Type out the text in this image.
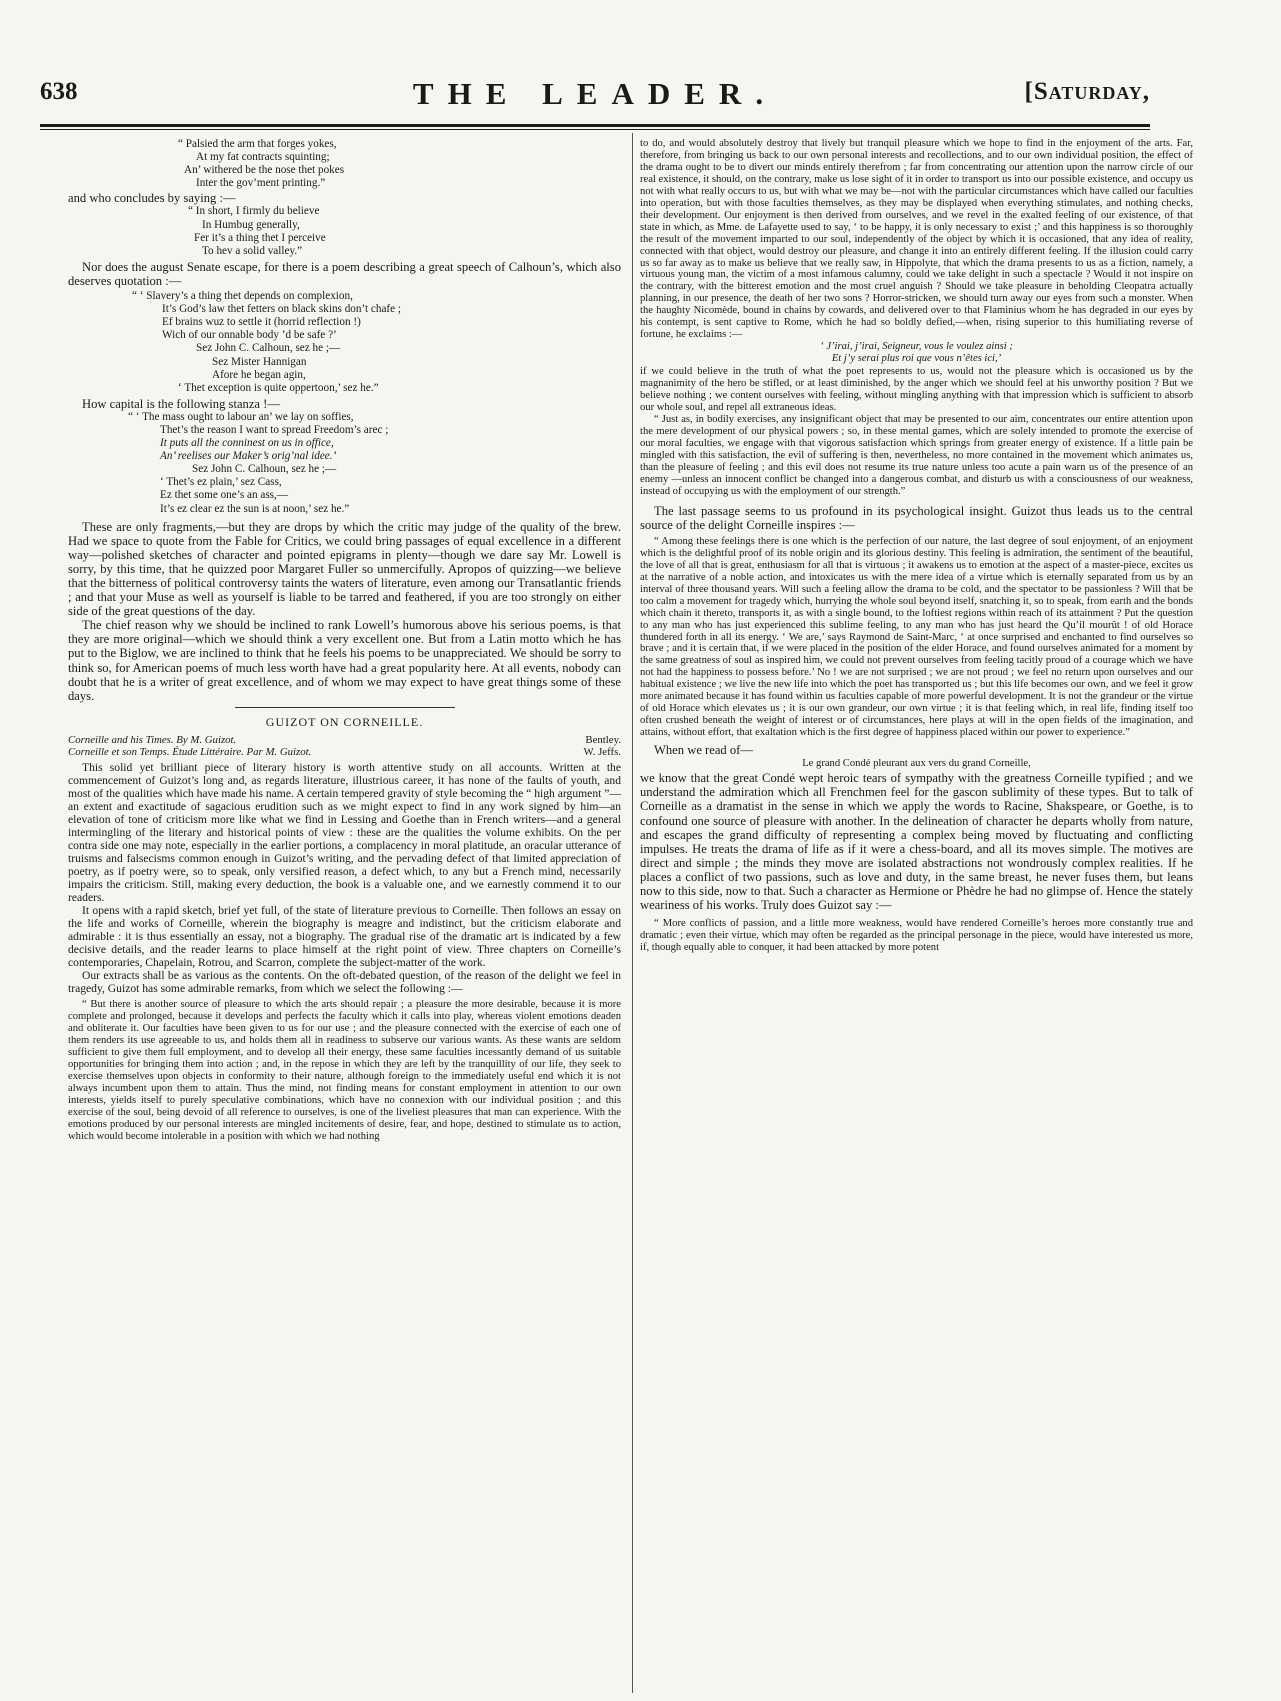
638	THE LEADER.	[Saturday,
“ Palsied the arm that forges yokes,
At my fat contracts squinting;
An’ withered be the nose thet pokes
Inter the gov’ment printing.”

and who concludes by saying :—

“ In short, I firmly du believe
In Humbug generally,
Fer it’s a thing thet I perceive
To hev a solid valley.”

Nor does the august Senate escape, for there is a poem describing a great speech of Calhoun’s, which also deserves quotation :—

“ ‘ Slavery’s a thing thet depends on complexion,
It’s God’s law thet fetters on black skins don’t chafe ;
Ef brains wuz to settle it (horrid reflection !)
Wich of our onnable body ’d be safe ?’
Sez John C. Calhoun, sez he ;—
Sez Mister Hannigan
Afore he began agin,
‘ Thet exception is quite oppertoon,’ sez he.”

How capital is the following stanza !—

“ ‘ The mass ought to labour an’ we lay on soffies,
Thet’s the reason I want to spread Freedom’s arec ;
It puts all the conninest on us in office,
An’ reelises our Maker’s orig’nal idee.’
Sez John C. Calhoun, sez he ;—
‘ Thet’s ez plain,’ sez Cass,
Ez thet some one’s an ass,—
It’s ez clear ez the sun is at noon,’ sez he.”

These are only fragments,—but they are drops by which the critic may judge of the quality of the brew. Had we space to quote from the Fable for Critics, we could bring passages of equal excellence in a different way—polished sketches of character and pointed epigrams in plenty—though we dare say Mr. Lowell is sorry, by this time, that he quizzed poor Margaret Fuller so unmercifully. Apropos of quizzing—we believe that the bitterness of political controversy taints the waters of literature, even among our Transatlantic friends ; and that your Muse as well as yourself is liable to be tarred and feathered, if you are too strongly on either side of the great questions of the day.

The chief reason why we should be inclined to rank Lowell’s humorous above his serious poems, is that they are more original—which we should think a very excellent one. But from a Latin motto which he has put to the Biglow, we are inclined to think that he feels his poems to be unappreciated. We should be sorry to think so, for American poems of much less worth have had a great popularity here. At all events, nobody can doubt that he is a writer of great excellence, and of whom we may expect to have great things some of these days.

GUIZOT ON CORNEILLE.
Corneille and his Times. By M. Guizot.	Bentley.
Corneille et son Temps. Étude Littéraire. Par M. Guizot.	W. Jeffs.

This solid yet brilliant piece of literary history is worth attentive study on all accounts. Written at the commencement of Guizot’s long and, as regards literature, illustrious career, it has none of the faults of youth, and most of the qualities which have made his name. A certain tempered gravity of style becoming the “ high argument ”—an extent and exactitude of sagacious erudition such as we might expect to find in any work signed by him—an elevation of tone of criticism more like what we find in Lessing and Goethe than in French writers—and a general intermingling of the literary and historical points of view : these are the qualities the volume exhibits. On the per contra side one may note, especially in the earlier portions, a complacency in moral platitude, an oracular utterance of truisms and falsecisms common enough in Guizot’s writing, and the pervading defect of that limited appreciation of poetry, as if poetry were, so to speak, only versified reason, a defect which, to any but a French mind, necessarily impairs the criticism. Still, making every deduction, the book is a valuable one, and we earnestly commend it to our readers.

It opens with a rapid sketch, brief yet full, of the state of literature previous to Corneille. Then follows an essay on the life and works of Corneille, wherein the biography is meagre and indistinct, but the criticism elaborate and admirable : it is thus essentially an essay, not a biography. The gradual rise of the dramatic art is indicated by a few decisive details, and the reader learns to place himself at the right point of view. Three chapters on Corneille’s contemporaries, Chapelain, Rotrou, and Scarron, complete the subject-matter of the work.

Our extracts shall be as various as the contents. On the oft-debated question, of the reason of the delight we feel in tragedy, Guizot has some admirable remarks, from which we select the following :—

“ But there is another source of pleasure to which the arts should repair ; a pleasure the more desirable, because it is more complete and prolonged, because it develops and perfects the faculty which it calls into play, whereas violent emotions deaden and obliterate it. Our faculties have been given to us for our use ; and the pleasure connected with the exercise of each one of them renders its use agreeable to us, and holds them all in readiness to subserve our various wants. As these wants are seldom sufficient to give them full employment, and to develop all their energy, these same faculties incessantly demand of us suitable opportunities for bringing them into action ; and, in the repose in which they are left by the tranquillity of our life, they seek to exercise themselves upon objects in conformity to their nature, although foreign to the immediately useful end which it is not always incumbent upon them to attain. Thus the mind, not finding means for constant employment in attention to our own interests, yields itself to purely speculative combinations, which have no connexion with our individual position ; and this exercise of the soul, being devoid of all reference to ourselves, is one of the liveliest pleasures that man can experience. With the emotions produced by our personal interests are mingled incitements of desire, fear, and hope, destined to stimulate us to action, which would become intolerable in a position with which we had nothing

to do, and would absolutely destroy that lively but tranquil pleasure which we hope to find in the enjoyment of the arts. Far, therefore, from bringing us back to our own personal interests and recollections, and to our own individual position, the effect of the drama ought to be to divert our minds entirely therefrom ; far from concentrating our attention upon the narrow circle of our real existence, it should, on the contrary, make us lose sight of it in order to transport us into our possible existence, and occupy us not with what really occurs to us, but with what we may be—not with the particular circumstances which have called our faculties into operation, but with those faculties themselves, as they may be displayed when everything stimulates, and nothing checks, their development. Our enjoyment is then derived from ourselves, and we revel in the exalted feeling of our existence, of that state in which, as Mme. de Lafayette used to say, ‘ to be happy, it is only necessary to exist ;’ and this happiness is so thoroughly the result of the movement imparted to our soul, independently of the object by which it is occasioned, that any idea of reality, connected with that object, would destroy our pleasure, and change it into an entirely different feeling. If the illusion could carry us so far away as to make us believe that we really saw, in Hippolyte, that which the drama presents to us as a fiction, namely, a virtuous young man, the victim of a most infamous calumny, could we take delight in such a spectacle ? Would it not inspire on the contrary, with the bitterest emotion and the most cruel anguish ? Should we take pleasure in beholding Cleopatra actually planning, in our presence, the death of her two sons ? Horror-stricken, we should turn away our eyes from such a monster. When the haughty Nicomède, bound in chains by cowards, and delivered over to that Flaminius whom he has degraded in our eyes by his contempt, is sent captive to Rome, which he had so boldly defied,—when, rising superior to this humiliating reverse of fortune, he exclaims :—

‘ J’irai, j’irai, Seigneur, vous le voulez ainsi ;
Et j’y serai plus roi que vous n’êtes ici,’

if we could believe in the truth of what the poet represents to us, would not the pleasure which is occasioned us by the magnanimity of the hero be stifled, or at least diminished, by the anger which we should feel at his unworthy position ? But we believe nothing ; we content ourselves with feeling, without mingling anything with that impression which is sufficient to absorb our whole soul, and repel all extraneous ideas.

“ Just as, in bodily exercises, any insignificant object that may be presented to our aim, concentrates our entire attention upon the mere development of our physical powers ; so, in these mental games, which are solely intended to promote the exercise of our moral faculties, we engage with that vigorous satisfaction which springs from greater energy of existence. If a little pain be mingled with this satisfaction, the evil of suffering is then, nevertheless, no more contained in the movement which animates us, than the pleasure of feeling ; and this evil does not resume its true nature unless too acute a pain warn us of the presence of an enemy —unless an innocent conflict be changed into a dangerous combat, and disturb us with a consciousness of our weakness, instead of occupying us with the employment of our strength.”

The last passage seems to us profound in its psychological insight. Guizot thus leads us to the central source of the delight Corneille inspires :—

“ Among these feelings there is one which is the perfection of our nature, the last degree of soul enjoyment, of an enjoyment which is the delightful proof of its noble origin and its glorious destiny. This feeling is admiration, the sentiment of the beautiful, the love of all that is great, enthusiasm for all that is virtuous ; it awakens us to emotion at the aspect of a master-piece, excites us at the narrative of a noble action, and intoxicates us with the mere idea of a virtue which is eternally separated from us by an interval of three thousand years. Will such a feeling allow the drama to be cold, and the spectator to be passionless ? Will that be too calm a movement for tragedy which, hurrying the whole soul beyond itself, snatching it, so to speak, from earth and the bonds which chain it thereto, transports it, as with a single bound, to the loftiest regions within reach of its attainment ? Put the question to any man who has just experienced this sublime feeling, to any man who has just heard the Qu’il mourût ! of old Horace thundered forth in all its energy. ‘ We are,’ says Raymond de Saint-Marc, ‘ at once surprised and enchanted to find ourselves so brave ; and it is certain that, if we were placed in the position of the elder Horace, and found ourselves animated for a moment by the same greatness of soul as inspired him, we could not prevent ourselves from feeling tacitly proud of a courage which we have not had the happiness to possess before.’ No ! we are not surprised ; we are not proud ; we feel no return upon ourselves and our habitual existence ; we live the new life into which the poet has transported us ; but this life becomes our own, and we feel it grow more animated because it has found within us faculties capable of more powerful development. It is not the grandeur or the virtue of old Horace which elevates us ; it is our own grandeur, our own virtue ; it is that feeling which, in real life, finding itself too often crushed beneath the weight of interest or of circumstances, here plays at will in the open fields of the imagination, and attains, without effort, that exaltation which is the first degree of happiness placed within our power to experience.”

When we read of—

Le grand Condé pleurant aux vers du grand Corneille,

we know that the great Condé wept heroic tears of sympathy with the greatness Corneille typified ; and we understand the admiration which all Frenchmen feel for the gascon sublimity of these types. But to talk of Corneille as a dramatist in the sense in which we apply the words to Racine, Shakspeare, or Goethe, is to confound one source of pleasure with another. In the delineation of character he departs wholly from nature, and escapes the grand difficulty of representing a complex being moved by fluctuating and conflicting impulses. He treats the drama of life as if it were a chess-board, and all its moves simple. The motives are direct and simple ; the minds they move are isolated abstractions not wondrously complex realities. If he places a conflict of two passions, such as love and duty, in the same breast, he never fuses them, but leans now to this side, now to that. Such a character as Hermione or Phèdre he had no glimpse of. Hence the stately weariness of his works. Truly does Guizot say :—

“ More conflicts of passion, and a little more weakness, would have rendered Corneille’s heroes more constantly true and dramatic ; even their virtue, which may often be regarded as the principal personage in the piece, would have interested us more, if, though equally able to conquer, it had been attacked by more potent
